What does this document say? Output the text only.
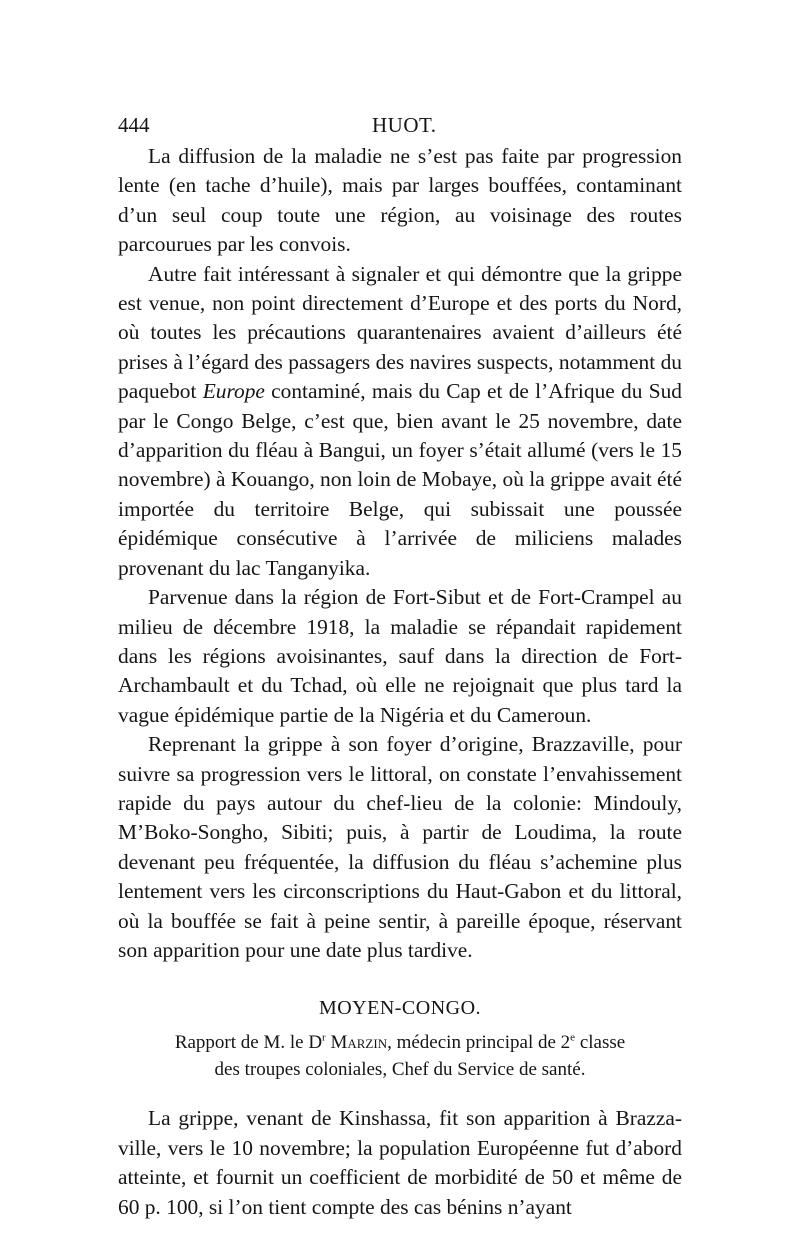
444	HUOT.

La diffusion de la maladie ne s’est pas faite par progression lente (en tache d’huile), mais par larges bouffées, contaminant d’un seul coup toute une région, au voisinage des routes parcourues par les convois.

Autre fait intéressant à signaler et qui démontre que la grippe est venue, non point directement d’Europe et des ports du Nord, où toutes les précautions quarantenaires avaient d’ailleurs été prises à l’égard des passagers des navires suspects, notamment du paquebot Europe contaminé, mais du Cap et de l’Afrique du Sud par le Congo Belge, c’est que, bien avant le 25 novembre, date d’apparition du fléau à Bangui, un foyer s’était allumé (vers le 15 novembre) à Kouango, non loin de Mobaye, où la grippe avait été importée du territoire Belge, qui subissait une poussée épidémique consécutive à l’arrivée de miliciens malades provenant du lac Tanganyika.

Parvenue dans la région de Fort-Sibut et de Fort-Crampel au milieu de décembre 1918, la maladie se répandait rapidement dans les régions avoisinantes, sauf dans la direction de Fort-Archambault et du Tchad, où elle ne rejoignait que plus tard la vague épidémique partie de la Nigéria et du Cameroun.

Reprenant la grippe à son foyer d’origine, Brazzaville, pour suivre sa progression vers le littoral, on constate l’envahissement rapide du pays autour du chef-lieu de la colonie: Mindouly, M’Boko-Songho, Sibiti; puis, à partir de Loudima, la route devenant peu fréquentée, la diffusion du fléau s’achemine plus lentement vers les circonscriptions du Haut-Gabon et du littoral, où la bouffée se fait à peine sentir, à pareille époque, réservant son apparition pour une date plus tardive.

MOYEN-CONGO.
Rapport de M. le $D^r$ Marzin, médecin principal de 2e classe
des troupes coloniales, Chef du Service de santé.

La grippe, venant de Kinshassa, fit son apparition à Brazzaville, vers le 10 novembre; la population Européenne fut d’abord atteinte, et fournit un coefficient de morbidité de 50 et même de 60 p. 100, si l’on tient compte des cas bénins n’ayant
